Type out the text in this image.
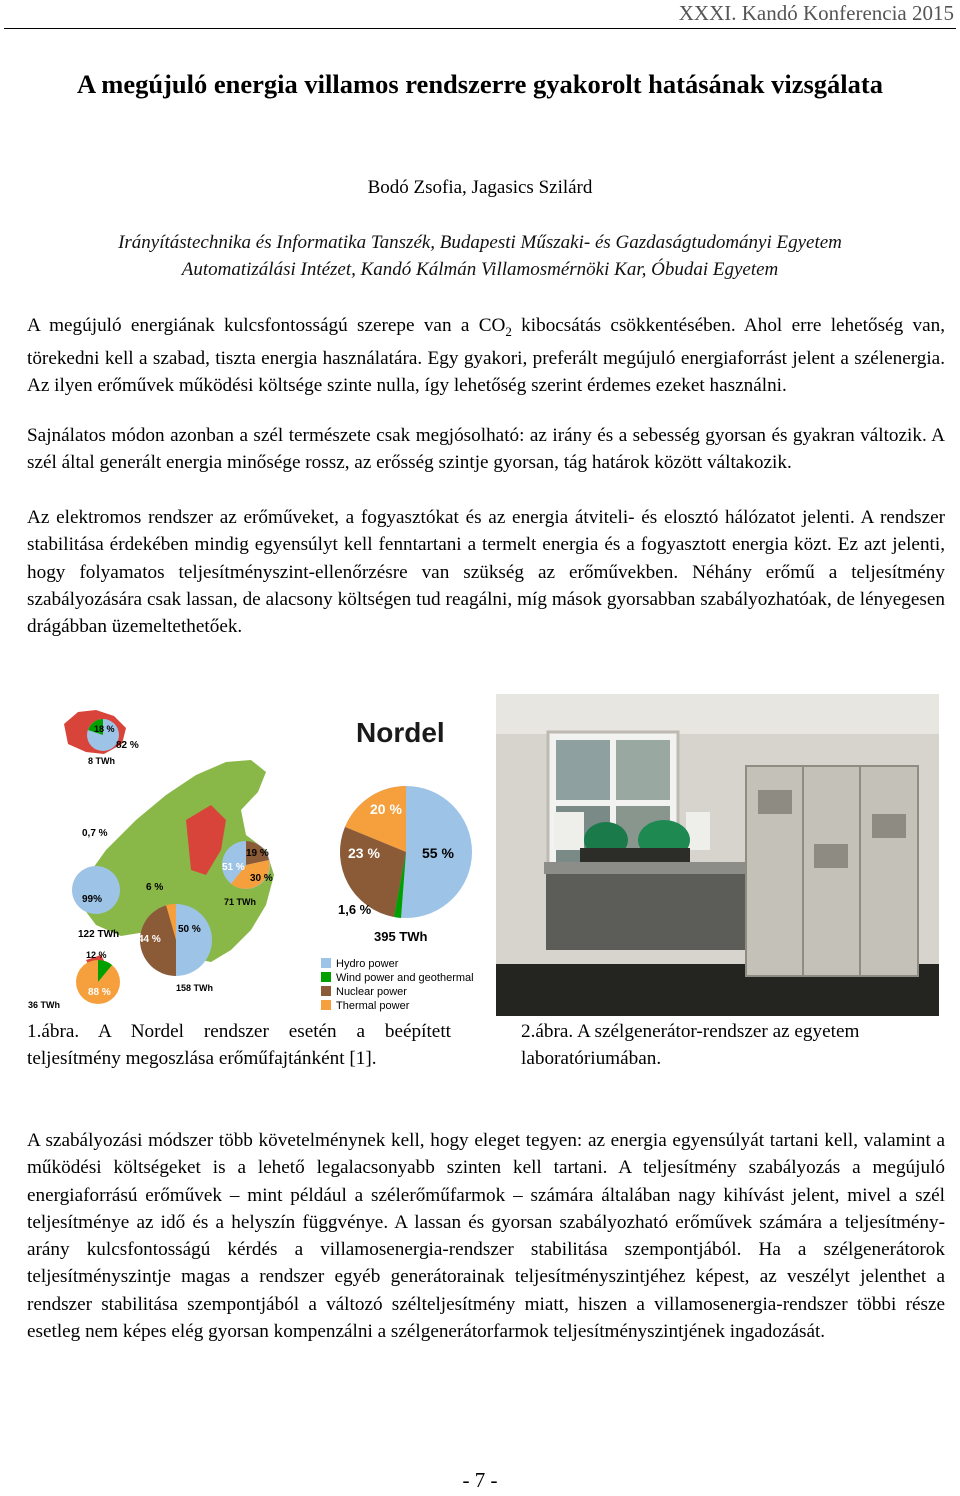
XXXI. Kandó Konferencia 2015
A megújuló energia villamos rendszerre gyakorolt hatásának vizsgálata
Bodó Zsofia, Jagasics Szilárd
Irányítástechnika és Informatika Tanszék, Budapesti Műszaki- és Gazdaságtudományi Egyetem
Automatizálási Intézet, Kandó Kálmán Villamosmérnöki Kar, Óbudai Egyetem

A megújuló energiának kulcsfontosságú szerepe van a $CO_2$ kibocsátás csökkentésében. Ahol erre lehetőség van, törekedni kell a szabad, tiszta energia használatára. Egy gyakori, preferált megújuló energiaforrást jelent a szélenergia. Az ilyen erőművek működési költsége szinte nulla, így lehetőség szerint érdemes ezeket használni.

Sajnálatos módon azonban a szél természete csak megjósolható: az irány és a sebesség gyorsan és gyakran változik. A szél által generált energia minősége rossz, az erősség szintje gyorsan, tág határok között váltakozik.

Az elektromos rendszer az erőműveket, a fogyasztókat és az energia átviteli- és elosztó hálózatot jelenti. A rendszer stabilitása érdekében mindig egyensúlyt kell fenntartani a termelt energia és a fogyasztott energia közt. Ez azt jelenti, hogy folyamatos teljesítményszint-ellenőrzésre van szükség az erőművekben. Néhány erőmű a teljesítmény szabályozására csak lassan, de alacsony költségen tud reagálni, míg mások gyorsabban szabályozhatóak, de lényegesen drágábban üzemeltethetőek.

18 %
82 %
8 TWh
19 %
51 %
30 %
71 TWh
0,7 %
99%
122 TWh
6 %
44 %
50 %
158 TWh
12 %
88 %
36 TWh
Nordel
20 %
23 %	55 %
1,6 %
395 TWh
Hydro power
Wind power and geothermal
Nuclear power
Thermal power

1.ábra. A Nordel rendszer esetén a beépített teljesítmény megoszlása erőműfajtánként [1].

2.ábra. A szélgenerátor-rendszer az egyetem laboratóriumában.

A szabályozási módszer több követelménynek kell, hogy eleget tegyen: az energia egyensúlyát tartani kell, valamint a működési költségeket is a lehető legalacsonyabb szinten kell tartani. A teljesítmény szabályozás a megújuló energiaforrású erőművek – mint például a szélerőműfarmok – számára általában nagy kihívást jelent, mivel a szél teljesítménye az idő és a helyszín függvénye. A lassan és gyorsan szabályozható erőművek számára a teljesítmény-arány kulcsfontosságú kérdés a villamosenergia-rendszer stabilitása szempontjából. Ha a szélgenerátorok teljesítményszintje magas a rendszer egyéb generátorainak teljesítményszintjéhez képest, az veszélyt jelenthet a rendszer stabilitása szempontjából a változó szélteljesítmény miatt, hiszen a villamosenergia-rendszer többi része esetleg nem képes elég gyorsan kompenzálni a szélgenerátorfarmok teljesítményszintjének ingadozását.

- 7 -
